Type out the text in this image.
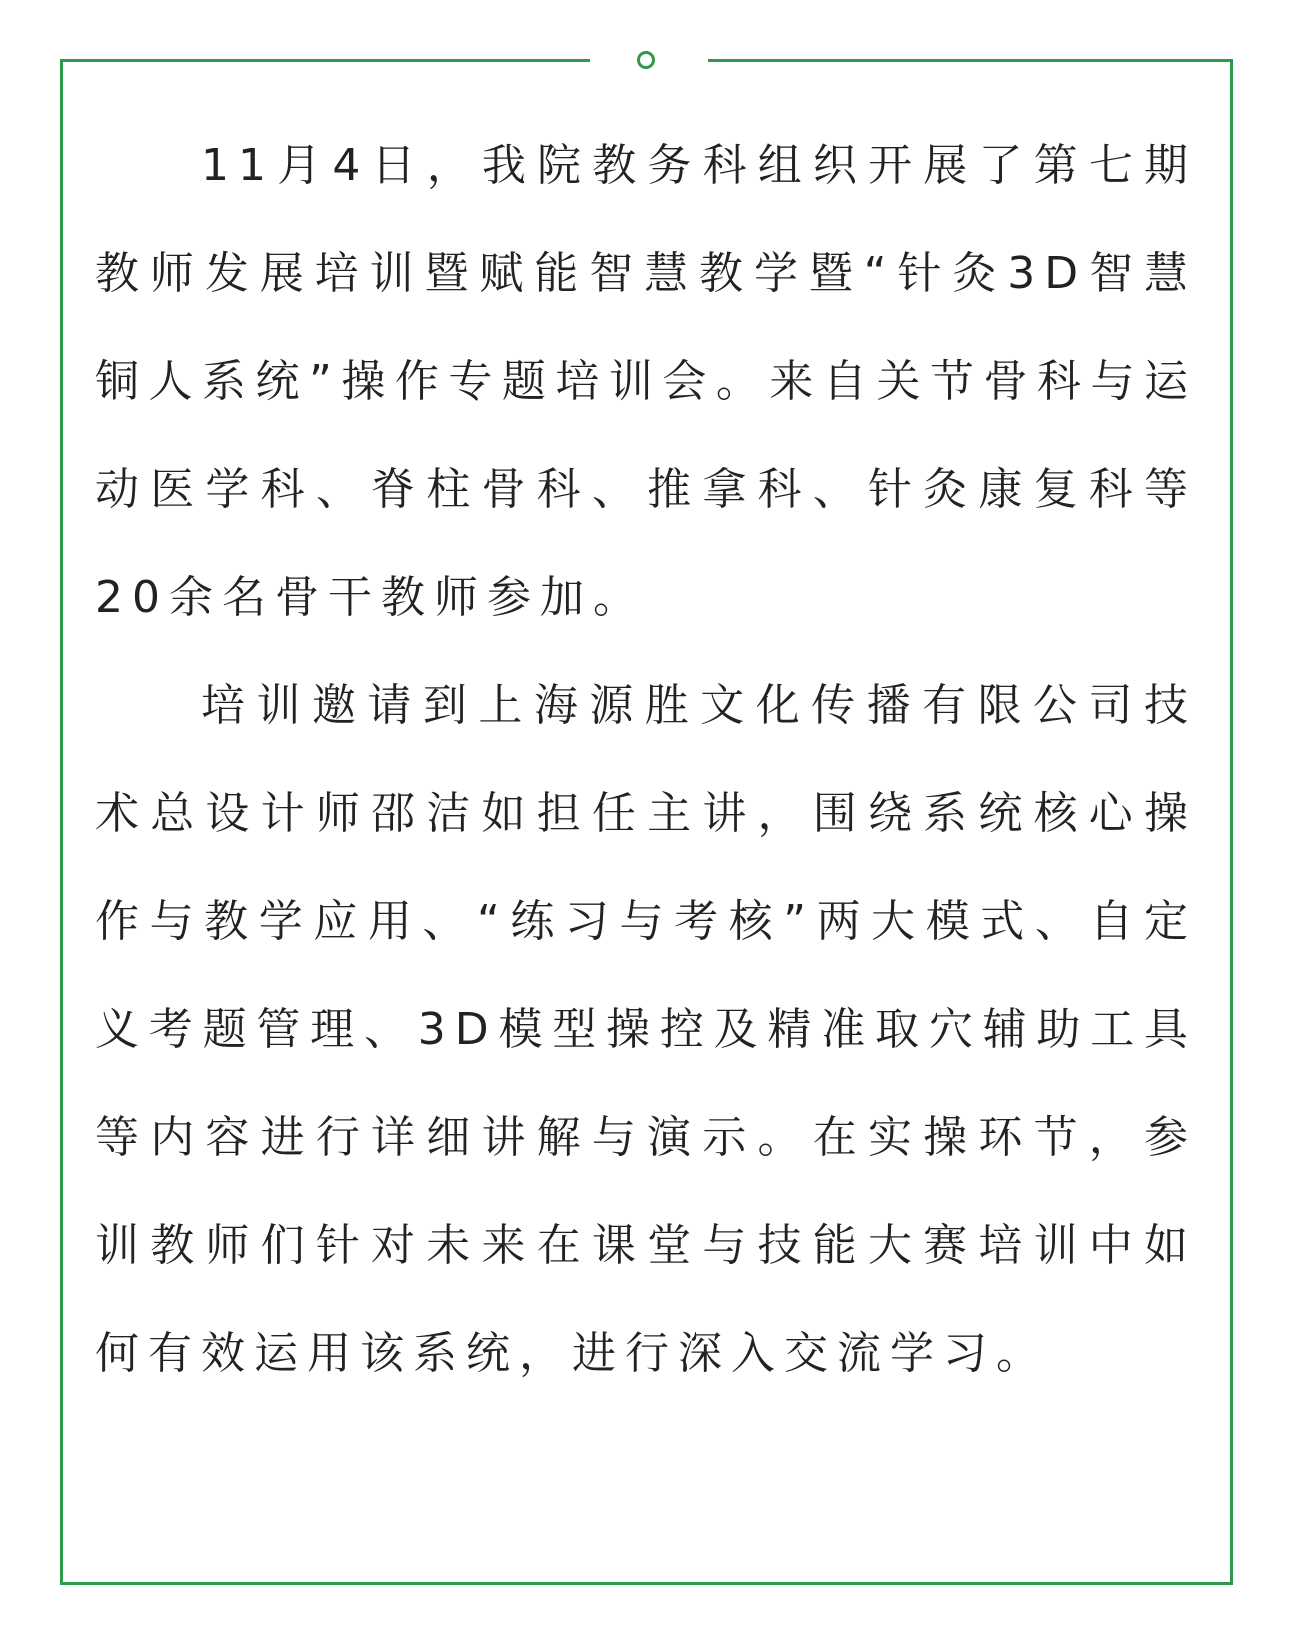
11月4日，我院教务科组织开展了第七期教师发展培训暨赋能智慧教学暨“针灸3D智慧铜人系统”操作专题培训会。来自关节骨科与运动医学科、脊柱骨科、推拿科、针灸康复科等20余名骨干教师参加。

培训邀请到上海源胜文化传播有限公司技术总设计师邵洁如担任主讲，围绕系统核心操作与教学应用、“练习与考核”两大模式、自定义考题管理、3D模型操控及精准取穴辅助工具等内容进行详细讲解与演示。在实操环节，参训教师们针对未来在课堂与技能大赛培训中如何有效运用该系统，进行深入交流学习。
